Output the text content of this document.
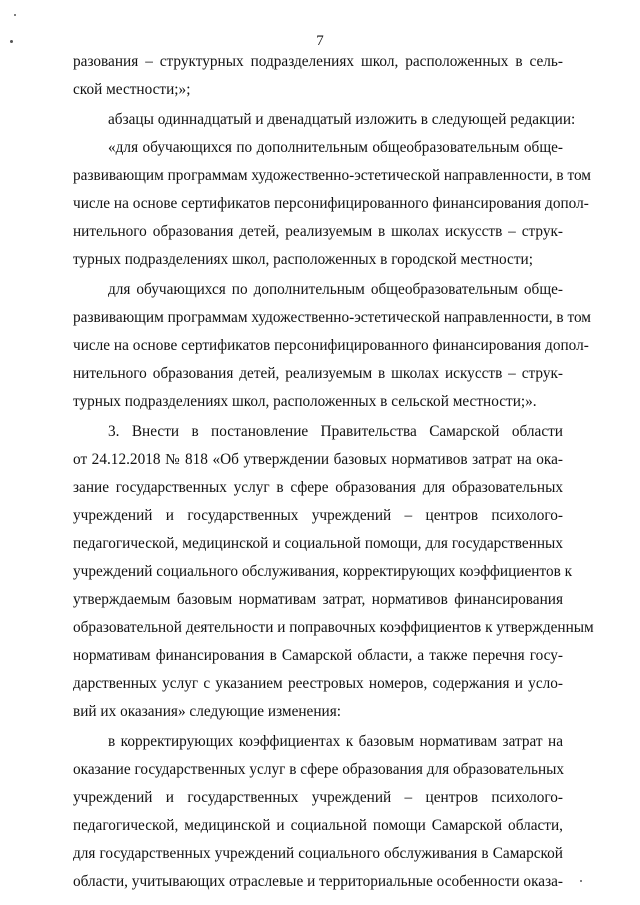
7

разования – структурных подразделениях школ, расположенных в сель-

ской местности;»;

абзацы одиннадцатый и двенадцатый изложить в следующей редакции:

«для обучающихся по дополнительным общеобразовательным обще-

развивающим программам художественно-эстетической направленности, в том

числе на основе сертификатов персонифицированного финансирования допол-

нительного образования детей, реализуемым в школах искусств – струк-

турных подразделениях школ, расположенных в городской местности;

для обучающихся по дополнительным общеобразовательным обще-

развивающим программам художественно-эстетической направленности, в том

числе на основе сертификатов персонифицированного финансирования допол-

нительного образования детей, реализуемым в школах искусств – струк-

турных подразделениях школ, расположенных в сельской местности;».

3. Внести в постановление Правительства Самарской области

от 24.12.2018 № 818 «Об утверждении базовых нормативов затрат на ока-

зание государственных услуг в сфере образования для образовательных

учреждений и государственных учреждений – центров психолого-

педагогической, медицинской и социальной помощи, для государственных

учреждений социального обслуживания, корректирующих коэффициентов к

утверждаемым базовым нормативам затрат, нормативов финансирования

образовательной деятельности и поправочных коэффициентов к утвержденным

нормативам финансирования в Самарской области, а также перечня госу-

дарственных услуг с указанием реестровых номеров, содержания и усло-

вий их оказания» следующие изменения:

в корректирующих коэффициентах к базовым нормативам затрат на

оказание государственных услуг в сфере образования для образовательных

учреждений и государственных учреждений – центров психолого-

педагогической, медицинской и социальной помощи Самарской области,

для государственных учреждений социального обслуживания в Самарской

области, учитывающих отраслевые и территориальные особенности оказа-
